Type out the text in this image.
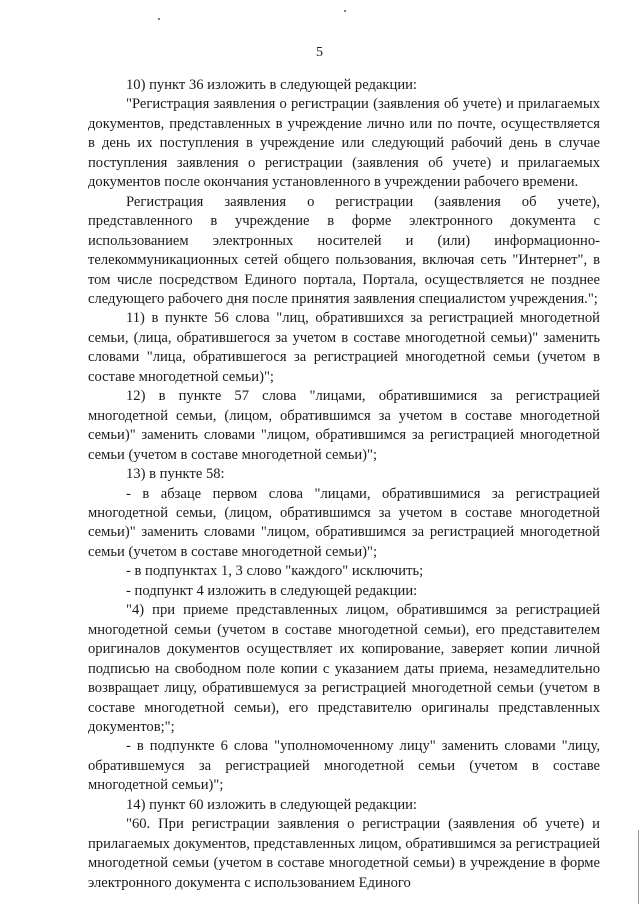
5

10) пункт 36 изложить в следующей редакции:

"Регистрация заявления о регистрации (заявления об учете) и прилагаемых документов, представленных в учреждение лично или по почте, осуществляется в день их поступления в учреждение или следующий рабочий день в случае поступления заявления о регистрации (заявления об учете) и прилагаемых документов после окончания установленного в учреждении рабочего времени.

Регистрация заявления о регистрации (заявления об учете), представленного в учреждение в форме электронного документа с использованием электронных носителей и (или) информационно-телекоммуникационных сетей общего пользования, включая сеть "Интернет", в том числе посредством Единого портала, Портала, осуществляется не позднее следующего рабочего дня после принятия заявления специалистом учреждения.";

11) в пункте 56 слова "лиц, обратившихся за регистрацией многодетной семьи, (лица, обратившегося за учетом в составе многодетной семьи)" заменить словами "лица, обратившегося за регистрацией многодетной семьи (учетом в составе многодетной семьи)";

12) в пункте 57 слова "лицами, обратившимися за регистрацией многодетной семьи, (лицом, обратившимся за учетом в составе многодетной семьи)" заменить словами "лицом, обратившимся за регистрацией многодетной семьи (учетом в составе многодетной семьи)";

13) в пункте 58:

- в абзаце первом слова "лицами, обратившимися за регистрацией многодетной семьи, (лицом, обратившимся за учетом в составе многодетной семьи)" заменить словами "лицом, обратившимся за регистрацией многодетной семьи (учетом в составе многодетной семьи)";

- в подпунктах 1, 3 слово "каждого" исключить;

- подпункт 4 изложить в следующей редакции:

"4) при приеме представленных лицом, обратившимся за регистрацией многодетной семьи (учетом в составе многодетной семьи), его представителем оригиналов документов осуществляет их копирование, заверяет копии личной подписью на свободном поле копии с указанием даты приема, незамедлительно возвращает лицу, обратившемуся за регистрацией многодетной семьи (учетом в составе многодетной семьи), его представителю оригиналы представленных документов;";

- в подпункте 6 слова "уполномоченному лицу" заменить словами "лицу, обратившемуся за регистрацией многодетной семьи (учетом в составе многодетной семьи)";

14) пункт 60 изложить в следующей редакции:

"60. При регистрации заявления о регистрации (заявления об учете) и прилагаемых документов, представленных лицом, обратившимся за регистрацией многодетной семьи (учетом в составе многодетной семьи) в учреждение в форме электронного документа с использованием Единого
